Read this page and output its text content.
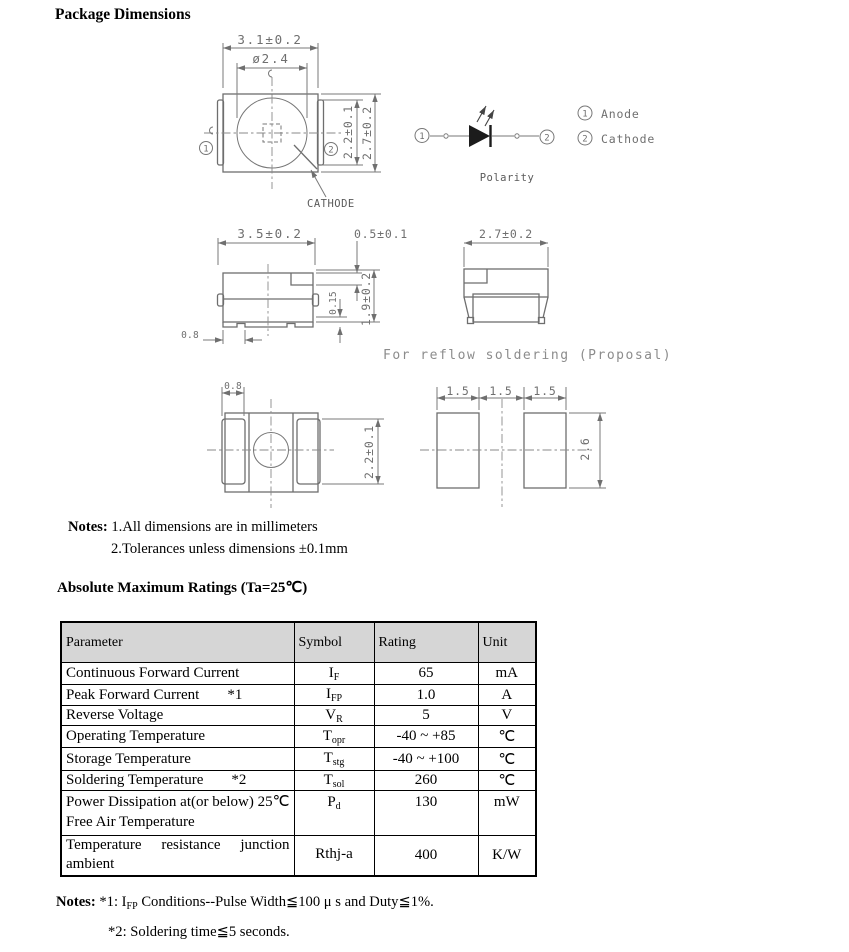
Package Dimensions
3.1±0.2
ø2.4
2.2±0.1 2.7±0.2
1	2
CATHODE
1	2
Polarity
1 Anode
2 Cathode
3.5±0.2	0.5±0.1
0.15 1.9±0.2
0.8
2.7±0.2
For reflow soldering (Proposal)
0.8
2.2±0.1
1.5 1.5 1.5
2.6
Notes: 1.All dimensions are in millimeters
2.Tolerances unless dimensions ±0.1mm
Absolute Maximum Ratings (Ta=25℃)
Parameter	Symbol	Rating	Unit
Continuous Forward Current	$I_F$	65	mA
Peak Forward Current *1	$I_{FP}$	1.0	A
Reverse Voltage	$V_R$	5	V
Operating Temperature	$T_{opr}$	-40 ~ +85	℃
Storage Temperature	$T_{stg}$	-40 ~ +100	℃
Soldering Temperature *2	$T_{sol}$	260	℃
Power Dissipation at(or below) 25℃ Free Air Temperature	$P_d$	130	mW
Temperature resistance junction ambient	Rthj-a	400	K/W
Notes: *1: $I_{FP}$ Conditions--Pulse Width≦100 μ s and Duty≦1%.
*2: Soldering time≦5 seconds.
